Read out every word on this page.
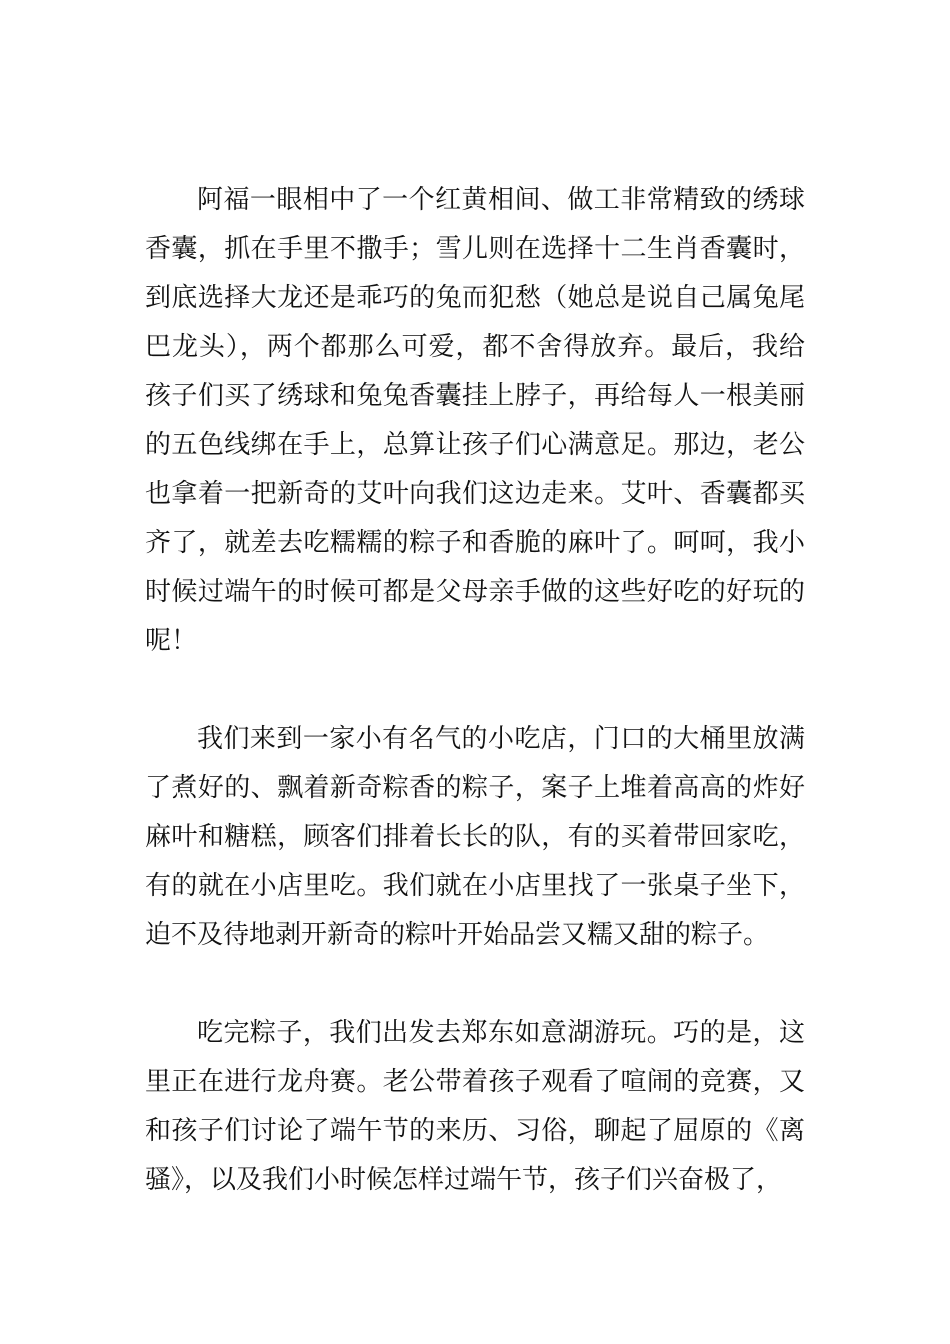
阿福一眼相中了一个红黄相间、做工非常精致的绣球香囊，抓在手里不撒手；雪儿则在选择十二生肖香囊时，到底选择大龙还是乖巧的兔而犯愁（她总是说自己属兔尾巴龙头），两个都那么可爱，都不舍得放弃。最后，我给孩子们买了绣球和兔兔香囊挂上脖子，再给每人一根美丽的五色线绑在手上，总算让孩子们心满意足。那边，老公也拿着一把新奇的艾叶向我们这边走来。艾叶、香囊都买齐了，就差去吃糯糯的粽子和香脆的麻叶了。呵呵，我小时候过端午的时候可都是父母亲手做的这些好吃的好玩的呢！

我们来到一家小有名气的小吃店，门口的大桶里放满了煮好的、飘着新奇粽香的粽子，案子上堆着高高的炸好麻叶和糖糕，顾客们排着长长的队，有的买着带回家吃，有的就在小店里吃。我们就在小店里找了一张桌子坐下，迫不及待地剥开新奇的粽叶开始品尝又糯又甜的粽子。

吃完粽子，我们出发去郑东如意湖游玩。巧的是，这里正在进行龙舟赛。老公带着孩子观看了喧闹的竞赛，又和孩子们讨论了端午节的来历、习俗，聊起了屈原的《离骚》，以及我们小时候怎样过端午节，孩子们兴奋极了，
